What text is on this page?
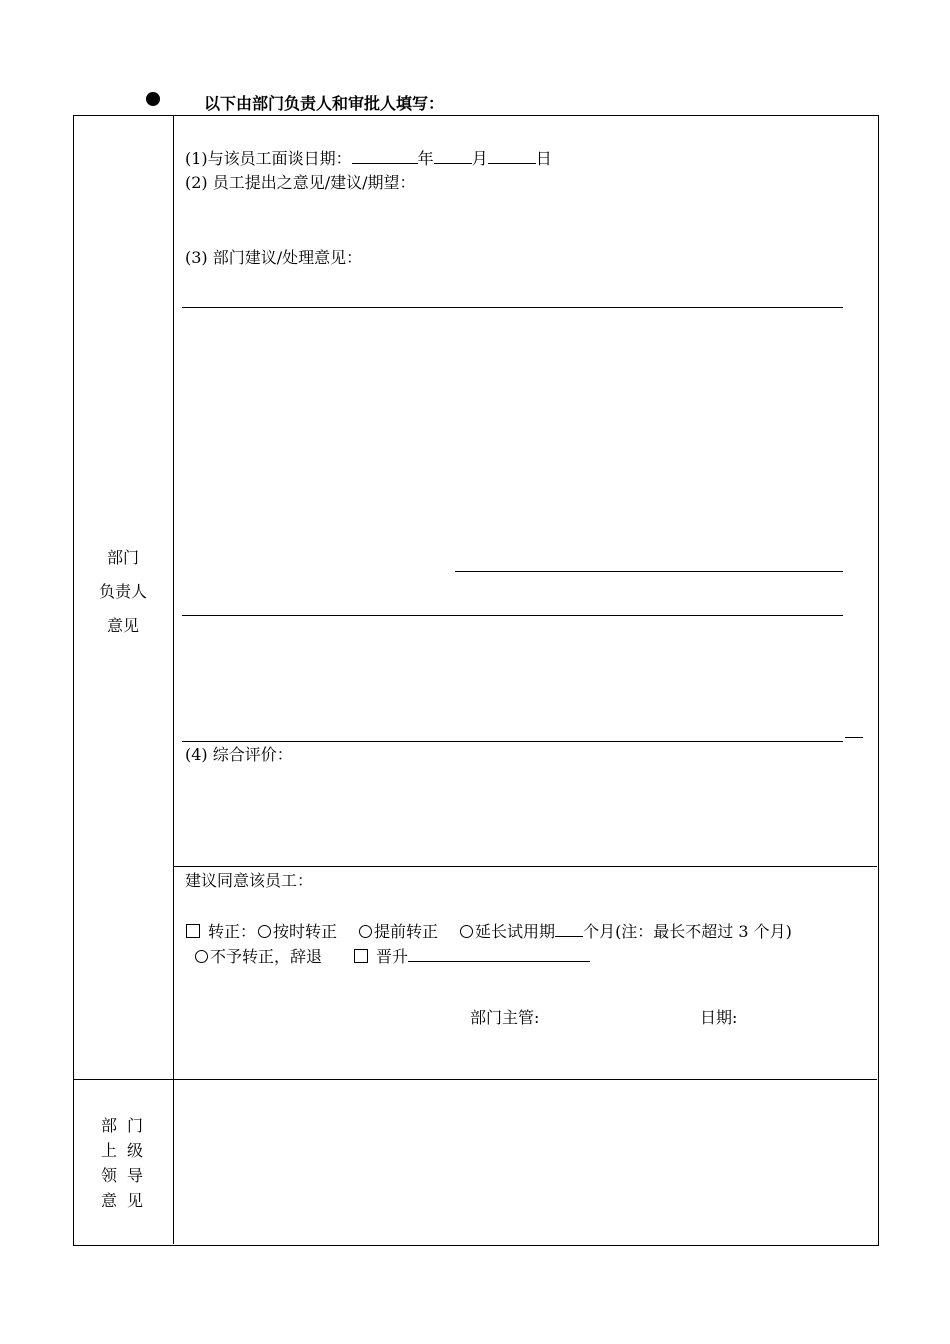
以下由部门负责人和审批人填写：
部门
负责人
意见
(1)与该员工面谈日期：	年 月	日
(2) 员工提出之意见/建议/期望：
(3) 部门建议/处理意见：
(4) 综合评价：
建议同意该员工：
转正： 按时转正 提前转正 延长试用期 个月(注：最长不超过 3 个月)
不予转正，辞退	晋升
部门主管:	日期:
部门
上级
领导
意见
